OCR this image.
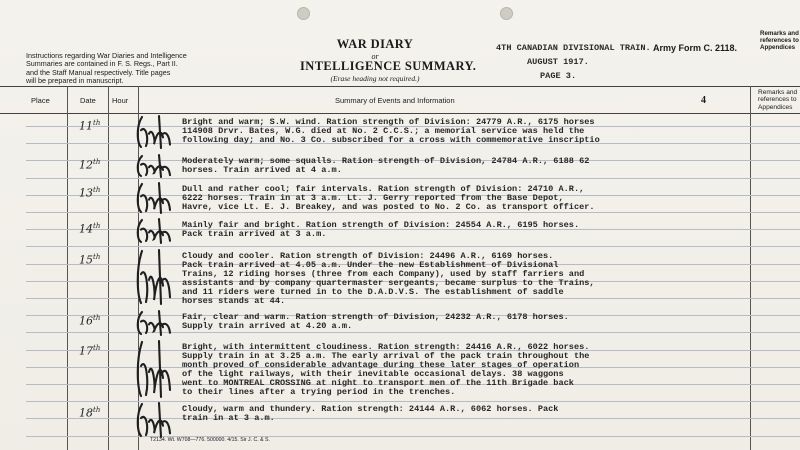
Instructions regarding War Diaries and Intelligence
Summaries are contained in F. S. Regs., Part II.
and the Staff Manual respectively. Title pages
will be prepared in manuscript.
WAR DIARY
or
INTELLIGENCE SUMMARY.
(Erase heading not required.)
4TH CANADIAN DIVISIONAL TRAIN. Army Form C. 2118.
AUGUST 1917.
PAGE 3.
Remarks and
references to
Appendices
Place	Date Hour	Summary of Events and Information	4
Remarks and
references to
Appendices
11th	Bright and warm; S.W. wind. Ration strength of Division: 24779 A.R., 6175 horses
114908 Drvr. Bates, W.G. died at No. 2 C.C.S.; a memorial service was held the
following day; and No. 3 Co. subscribed for a cross with commemorative inscriptio
12th	Moderately warm; some squalls. Ration strength of Division, 24784 A.R., 6188 62
horses. Train arrived at 4 a.m.
13th	Dull and rather cool; fair intervals. Ration strength of Division: 24710 A.R.,
6222 horses. Train in at 3 a.m. Lt. J. Gerry reported from the Base Depot,
Havre, vice Lt. E. J. Breakey, and was posted to No. 2 Co. as transport officer.
14th	Mainly fair and bright. Ration strength of Division: 24554 A.R., 6195 horses.
Pack train arrived at 3 a.m.
15th	Cloudy and cooler. Ration strength of Division: 24496 A.R., 6169 horses.
Pack train arrived at 4.05 a.m. Under the new Establishment of Divisional
Trains, 12 riding horses (three from each Company), used by staff farriers and
assistants and by company quartermaster sergeants, became surplus to the Trains,
and 11 riders were turned in to the D.A.D.V.S. The establishment of saddle
horses stands at 44.
16th	Fair, clear and warm. Ration strength of Division, 24232 A.R., 6178 horses.
Supply train arrived at 4.20 a.m.
17th	Bright, with intermittent cloudiness. Ration strength: 24416 A.R., 6022 horses.
Supply train in at 3.25 a.m. The early arrival of the pack train throughout the
month proved of considerable advantage during these later stages of operation
of the light railways, with their inevitable occasional delays. 38 waggons
went to MONTREAL CROSSING at night to transport men of the 11th Brigade back
to their lines after a trying period in the trenches.
18th	Cloudy, warm and thundery. Ration strength: 24144 A.R., 6062 horses. Pack
train in at 3 a.m.
T2134. Wt. W708—776. 500000. 4/15. Sir J. C. & S.
